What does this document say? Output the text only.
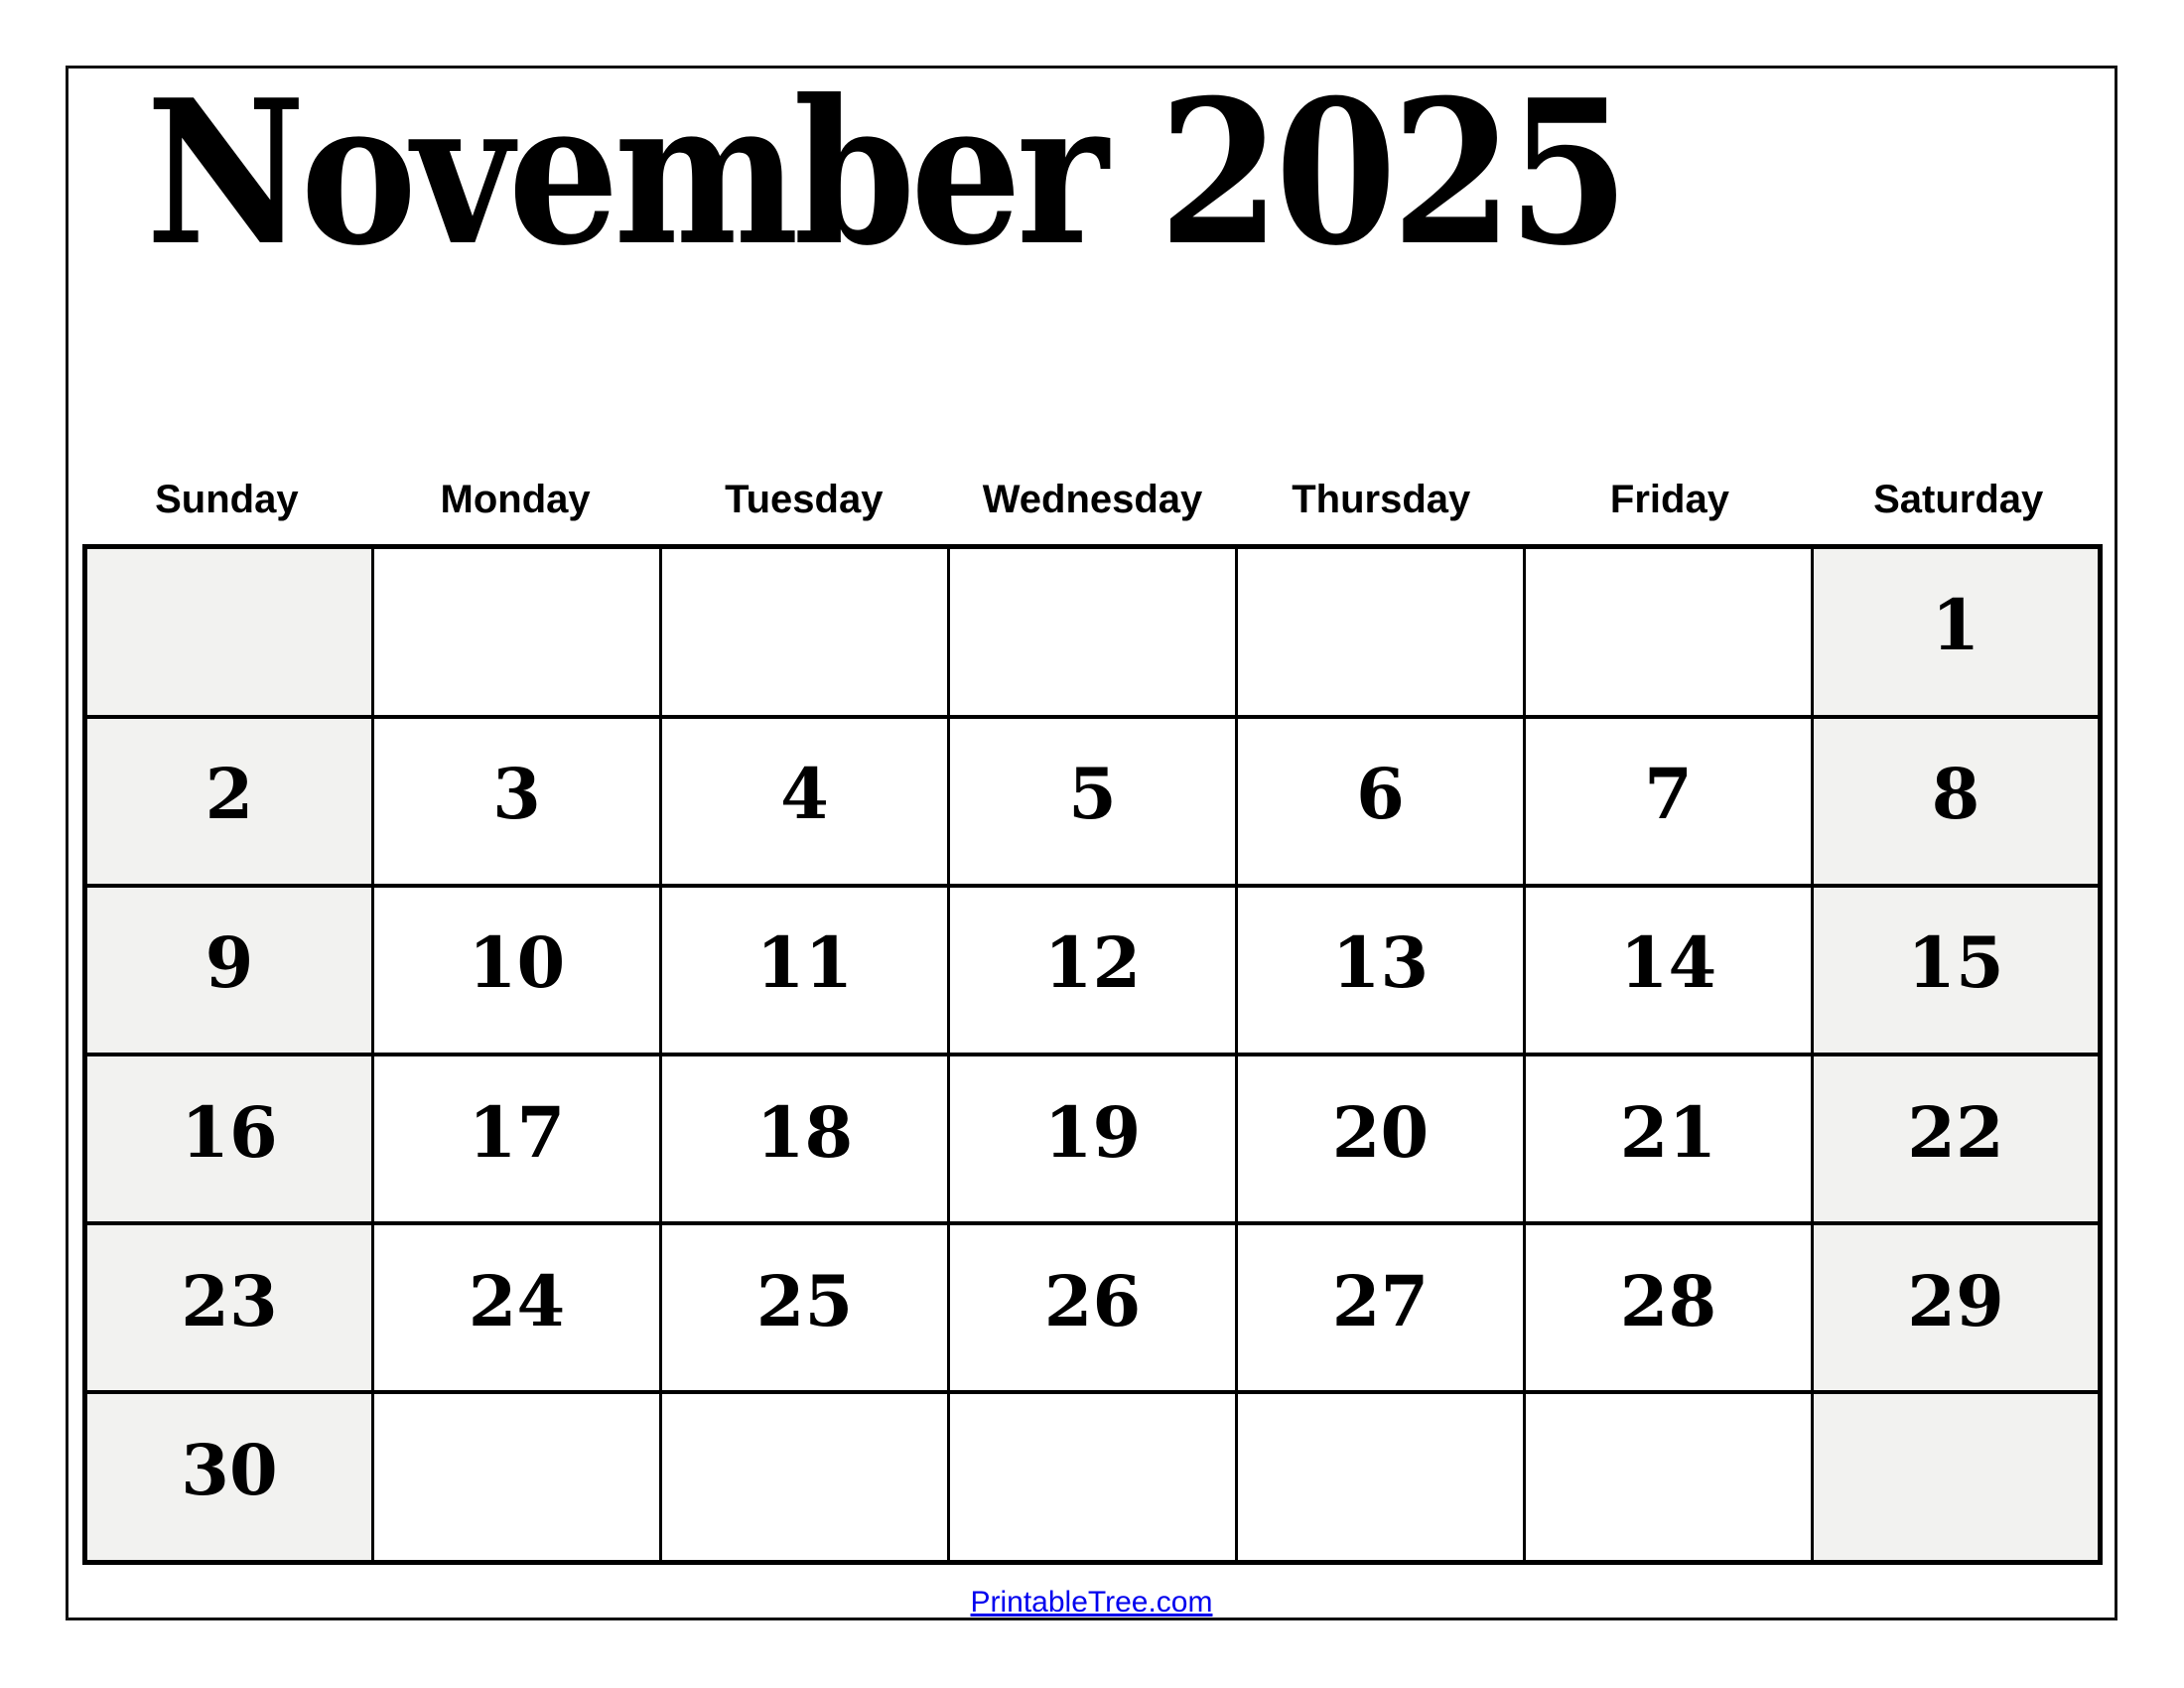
November 2025
Sunday	Monday	Tuesday	Wednesday	Thursday	Friday	Saturday
						1
2	3	4	5	6	7	8
9	10	11	12	13	14	15
16	17	18	19	20	21	22
23	24	25	26	27	28	29
30						
PrintableTree.com
